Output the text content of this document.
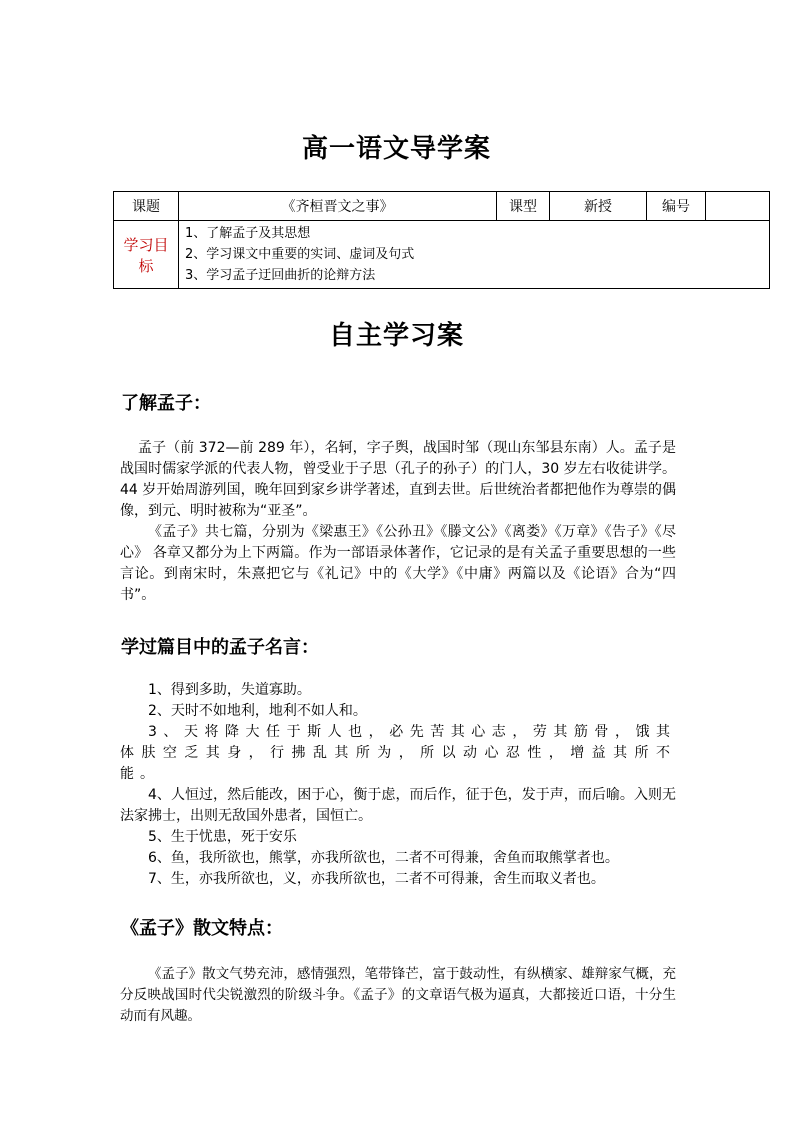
高一语文导学案
课题	《齐桓晋文之事》	课型	新授	编号	
学习目标	1、了解孟子及其思想
2、学习课文中重要的实词、虚词及句式
3、学习孟子迂回曲折的论辩方法				
自主学习案
了解孟子：

孟子（前 372—前 289 年），名轲，字子舆，战国时邹（现山东邹县东南）人。孟子是战国时儒家学派的代表人物，曾受业于子思（孔子的孙子）的门人，30 岁左右收徒讲学。44 岁开始周游列国，晚年回到家乡讲学著述，直到去世。后世统治者都把他作为尊崇的偶像，到元、明时被称为“亚圣”。

《孟子》共七篇，分别为《梁惠王》《公孙丑》《滕文公》《离娄》《万章》《告子》《尽心》 各章又都分为上下两篇。作为一部语录体著作，它记录的是有关孟子重要思想的一些言论。到南宋时，朱熹把它与《礼记》中的《大学》《中庸》两篇以及《论语》合为“四书”。

学过篇目中的孟子名言：

1、得到多助，失道寡助。

2、天时不如地利，地利不如人和。

3、天将降大任于斯人也，必先苦其心志，劳其筋骨，饿其体肤空乏其身，行拂乱其所为，所以动心忍性，增益其所不能。

4、人恒过，然后能改，困于心，衡于虑，而后作，征于色，发于声，而后喻。入则无法家拂士，出则无敌国外患者，国恒亡。

5、生于忧患，死于安乐

6、鱼，我所欲也，熊掌，亦我所欲也，二者不可得兼，舍鱼而取熊掌者也。

7、生，亦我所欲也，义，亦我所欲也，二者不可得兼，舍生而取义者也。

《孟子》散文特点：

《孟子》散文气势充沛，感情强烈，笔带锋芒，富于鼓动性，有纵横家、雄辩家气概，充分反映战国时代尖锐激烈的阶级斗争。《孟子》的文章语气极为逼真，大都接近口语，十分生动而有风趣。
